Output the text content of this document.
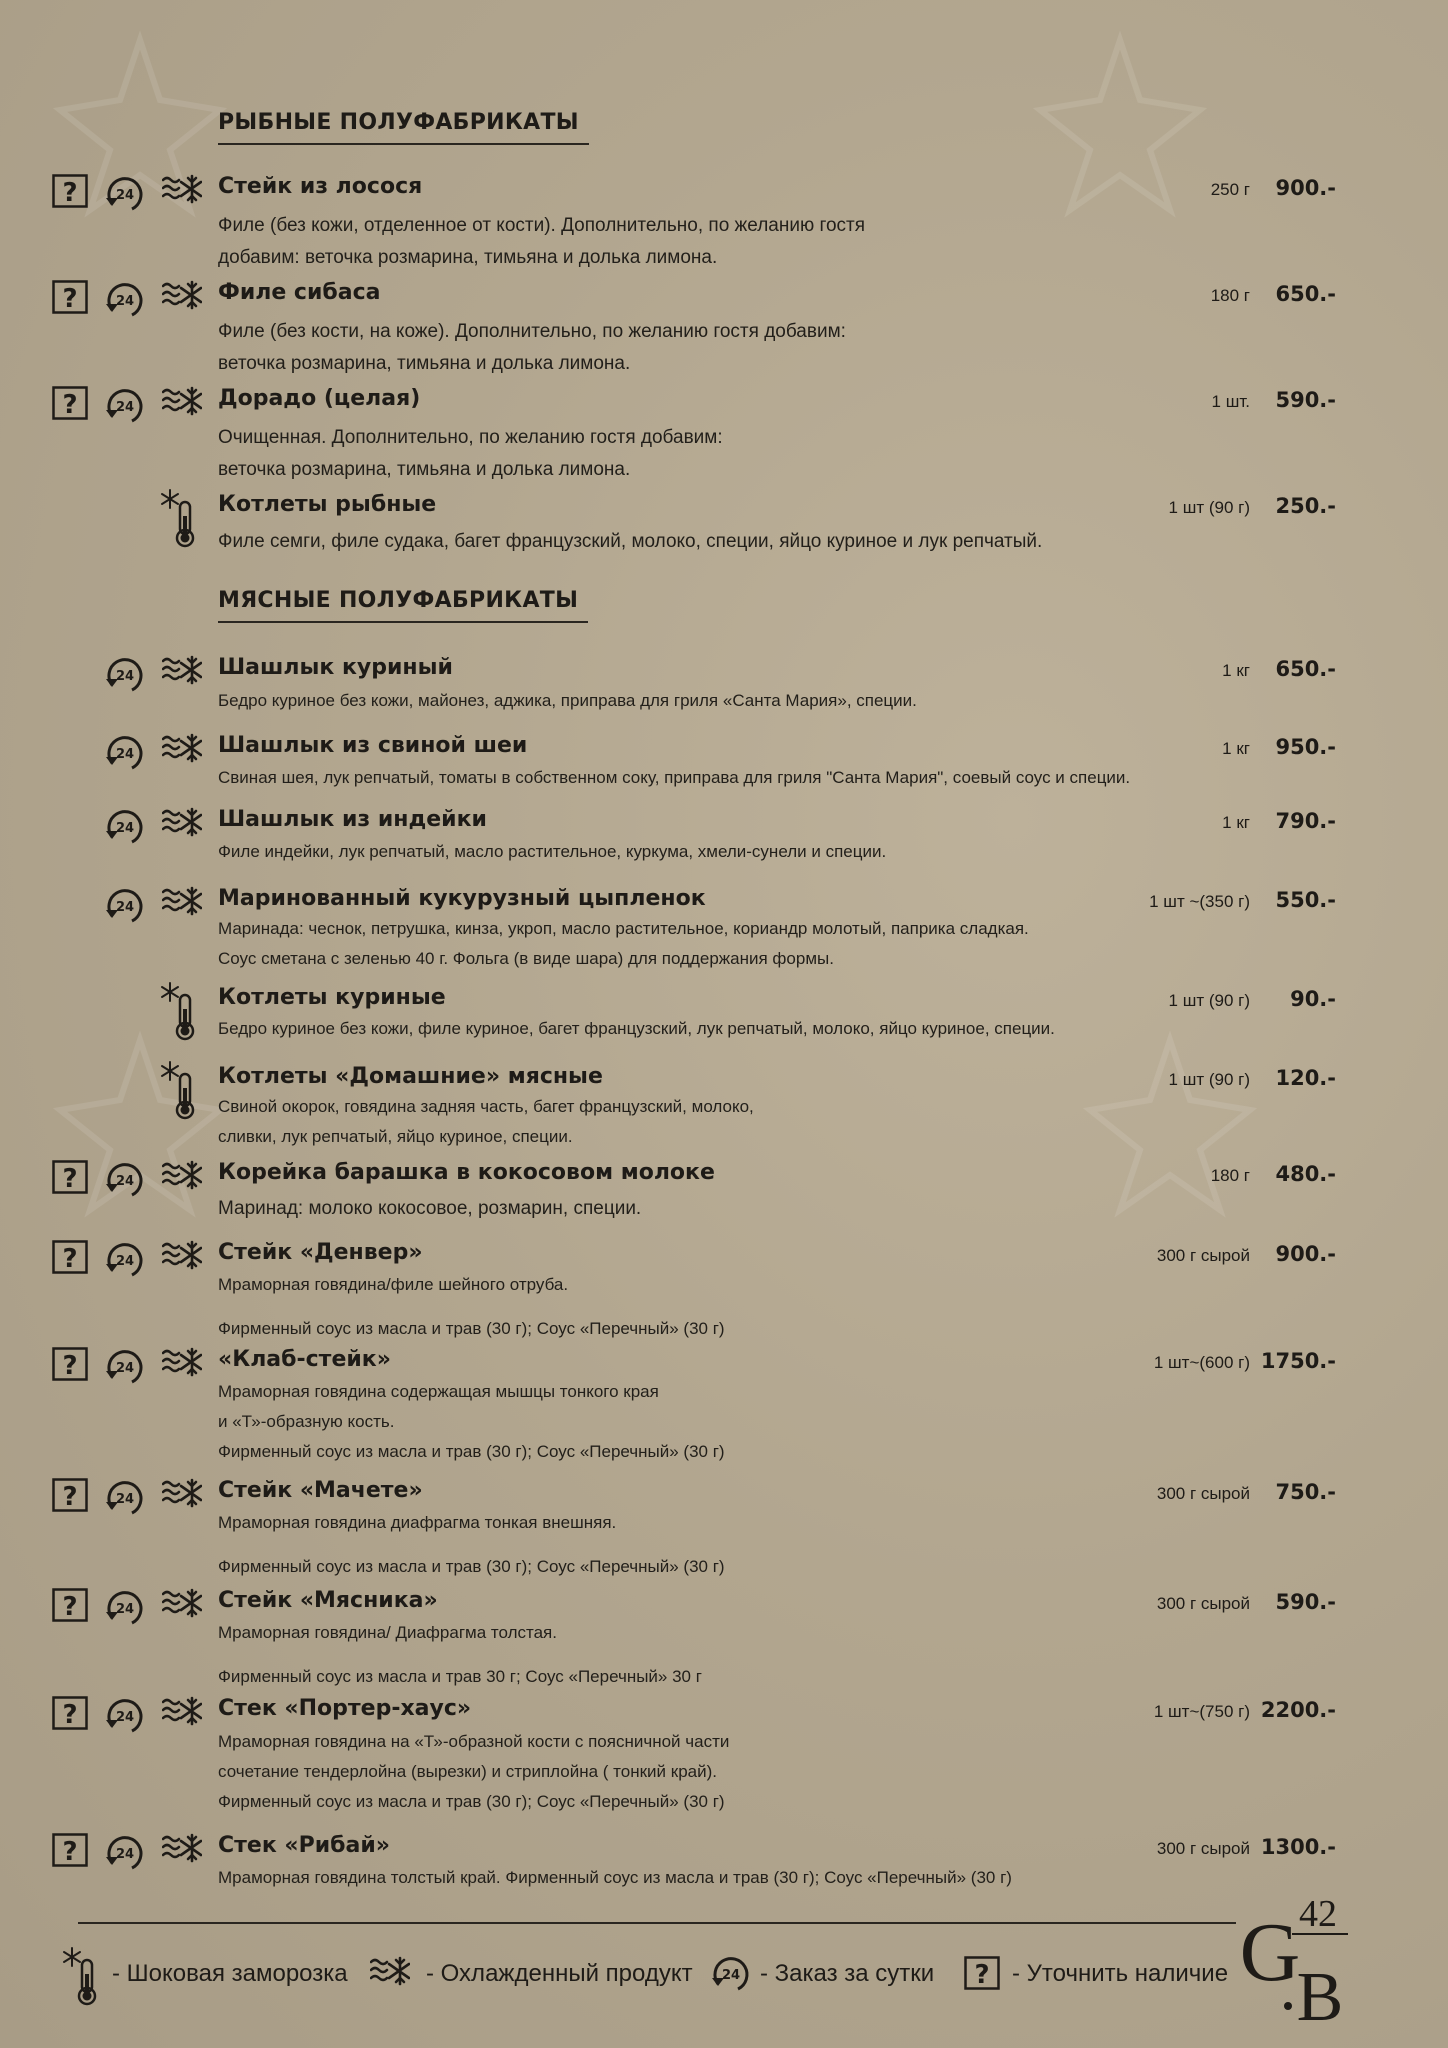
РЫБНЫЕ ПОЛУФАБРИКАТЫ
МЯСНЫЕ ПОЛУФАБРИКАТЫ
?	24	Стейк из лосося	250 г 900.-
Филе (без кожи, отделенное от кости). Дополнительно, по желанию гостя
добавим: веточка розмарина, тимьяна и долька лимона.
?	24	Филе сибаса	180 г 650.-
Филе (без кости, на коже). Дополнительно, по желанию гостя добавим:
веточка розмарина, тимьяна и долька лимона.
?	24	Дорадо (целая)	1 шт. 590.-
Очищенная. Дополнительно, по желанию гостя добавим:
веточка розмарина, тимьяна и долька лимона.
Котлеты рыбные	1 шт (90 г) 250.-
Филе семги, филе судака, багет французский, молоко, специи, яйцо куриное и лук репчатый.
24	Шашлык куриный	1 кг 650.-
Бедро куриное без кожи, майонез, аджика, приправа для гриля «Санта Мария», специи.
24	Шашлык из свиной шеи	1 кг 950.-
Свиная шея, лук репчатый, томаты в собственном соку, приправа для гриля "Санта Мария", соевый соус и специи.
24	Шашлык из индейки	1 кг 790.-
Филе индейки, лук репчатый, масло растительное, куркума, хмели-сунели и специи.
24	Маринованный кукурузный цыпленок	1 шт ~(350 г) 550.-
Маринада: чеснок, петрушка, кинза, укроп, масло растительное, кориандр молотый, паприка сладкая.
Соус сметана с зеленью 40 г. Фольга (в виде шара) для поддержания формы.
Котлеты куриные	1 шт (90 г) 90.-
Бедро куриное без кожи, филе куриное, багет французский, лук репчатый, молоко, яйцо куриное, специи.
Котлеты «Домашние» мясные	1 шт (90 г) 120.-
Свиной окорок, говядина задняя часть, багет французский, молоко,
сливки, лук репчатый, яйцо куриное, специи.
?	24	Корейка барашка в кокосовом молоке	180 г 480.-
Маринад: молоко кокосовое, розмарин, специи.
?	24	Стейк «Денвер»	300 г сырой 900.-
Мраморная говядина/филе шейного отруба.
Фирменный соус из масла и трав (30 г); Соус «Перечный» (30 г)
?	24	«Клаб-стейк»	1 шт~(600 г) 1750.-
Мраморная говядина содержащая мышцы тонкого края
и «Т»-образную кость.
Фирменный соус из масла и трав (30 г); Соус «Перечный» (30 г)
?	24	Стейк «Мачете»	300 г сырой 750.-
Мраморная говядина диафрагма тонкая внешняя.
Фирменный соус из масла и трав (30 г); Соус «Перечный» (30 г)
?	24	Стейк «Мясника»	300 г сырой 590.-
Мраморная говядина/ Диафрагма толстая.
Фирменный соус из масла и трав 30 г; Соус «Перечный» 30 г
?	24	Стек «Портер-хаус»	1 шт~(750 г) 2200.-
Мраморная говядина на «Т»-образной кости с поясничной части
сочетание тендерлойна (вырезки) и стриплойна ( тонкий край).
Фирменный соус из масла и трав (30 г); Соус «Перечный» (30 г)
?	24	Стек «Рибай»	300 г сырой 1300.-
Мраморная говядина толстый край. Фирменный соус из масла и трав (30 г); Соус «Перечный» (30 г)
- Шоковая заморозка	- Охлажденный продукт 24 - Заказ за сутки ? - Уточнить наличие
42
G
B
